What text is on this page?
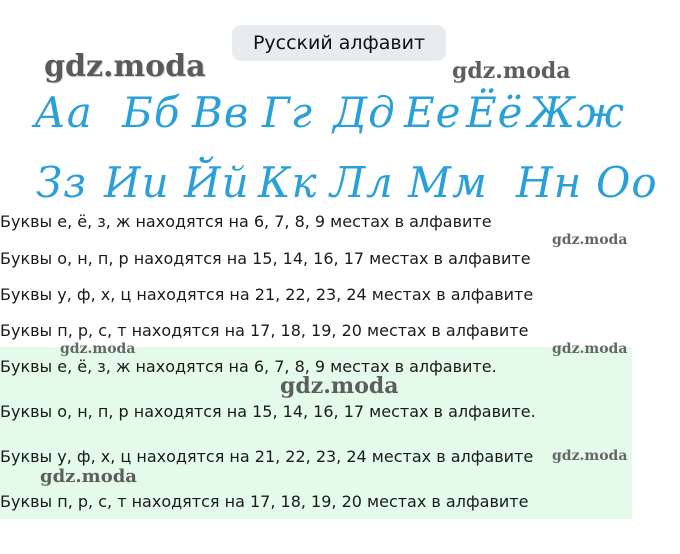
Русский алфавит
gdz.moda	gdz.moda
gdz.moda
Аа Бб Вв Гг Дд Ее Ёё Жж
Зз Ии Йй Кк Лл Мм Нн Оо
Буквы е, ё, з, ж находятся на 6, 7, 8, 9 местах в алфавите
Буквы о, н, п, р находятся на 15, 14, 16, 17 местах в алфавите
Буквы у, ф, х, ц находятся на 21, 22, 23, 24 местах в алфавите
Буквы п, р, с, т находятся на 17, 18, 19, 20 местах в алфавите
gdz.moda	gdz.moda
Буквы е, ё, з, ж находятся на 6, 7, 8, 9 местах в алфавите.
gdz.moda
Буквы о, н, п, р находятся на 15, 14, 16, 17 местах в алфавите.
Буквы у, ф, х, ц находятся на 21, 22, 23, 24 местах в алфавите gdz.moda
gdz.moda
Буквы п, р, с, т находятся на 17, 18, 19, 20 местах в алфавите
